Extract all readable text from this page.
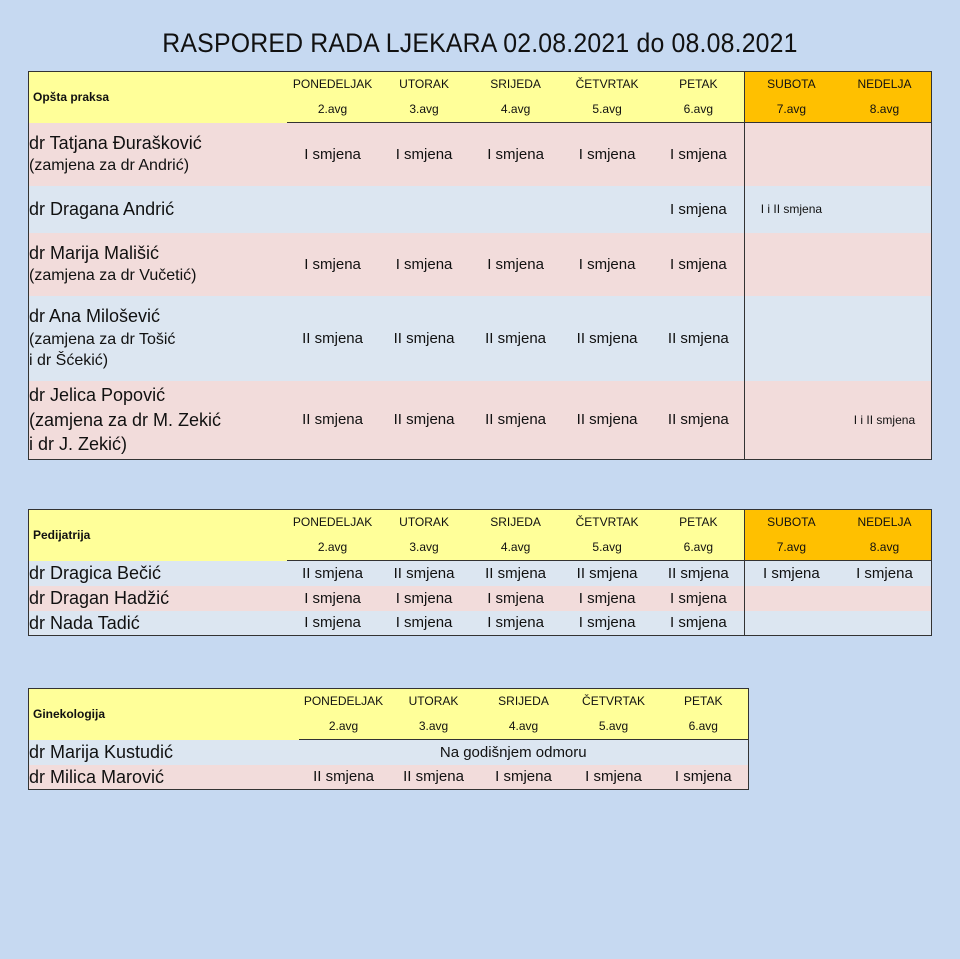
RASPORED RADA LJEKARA 02.08.2021 do 08.08.2021
Opšta praksa	PONEDELJAK	UTORAK	SRIJEDA	ČETVRTAK	PETAK	SUBOTA	NEDELJA
	2.avg	3.avg	4.avg	5.avg	6.avg	7.avg	8.avg

dr Tatjana Đurašković
(zamjena za dr Andrić)	I smjena	I smjena	I smjena	I smjena	I smjena		

dr Dragana Andrić					I smjena	I i II smjena	

dr Marija Mališić
(zamjena za dr Vučetić)	I smjena	I smjena	I smjena	I smjena	I smjena		

dr Ana Milošević
(zamjena za dr Tošić
i dr Šćekić)	II smjena	II smjena	II smjena	II smjena	II smjena		

dr Jelica Popović
(zamjena za dr M. Zekić
i dr J. Zekić)	II smjena	II smjena	II smjena	II smjena	II smjena		I i II smjena
Pedijatrija	PONEDELJAK	UTORAK	SRIJEDA	ČETVRTAK	PETAK	SUBOTA	NEDELJA
	2.avg	3.avg	4.avg	5.avg	6.avg	7.avg	8.avg
dr Dragica Bečić	II smjena	II smjena	II smjena	II smjena	II smjena	I smjena	I smjena
dr Dragan Hadžić	I smjena	I smjena	I smjena	I smjena	I smjena		
dr Nada Tadić	I smjena	I smjena	I smjena	I smjena	I smjena		
Ginekologija	PONEDELJAK	UTORAK	SRIJEDA	ČETVRTAK	PETAK
	2.avg	3.avg	4.avg	5.avg	6.avg
dr Marija Kustudić	Na godišnjem odmoru				
dr Milica Marović	II smjena	II smjena	I smjena	I smjena	I smjena
